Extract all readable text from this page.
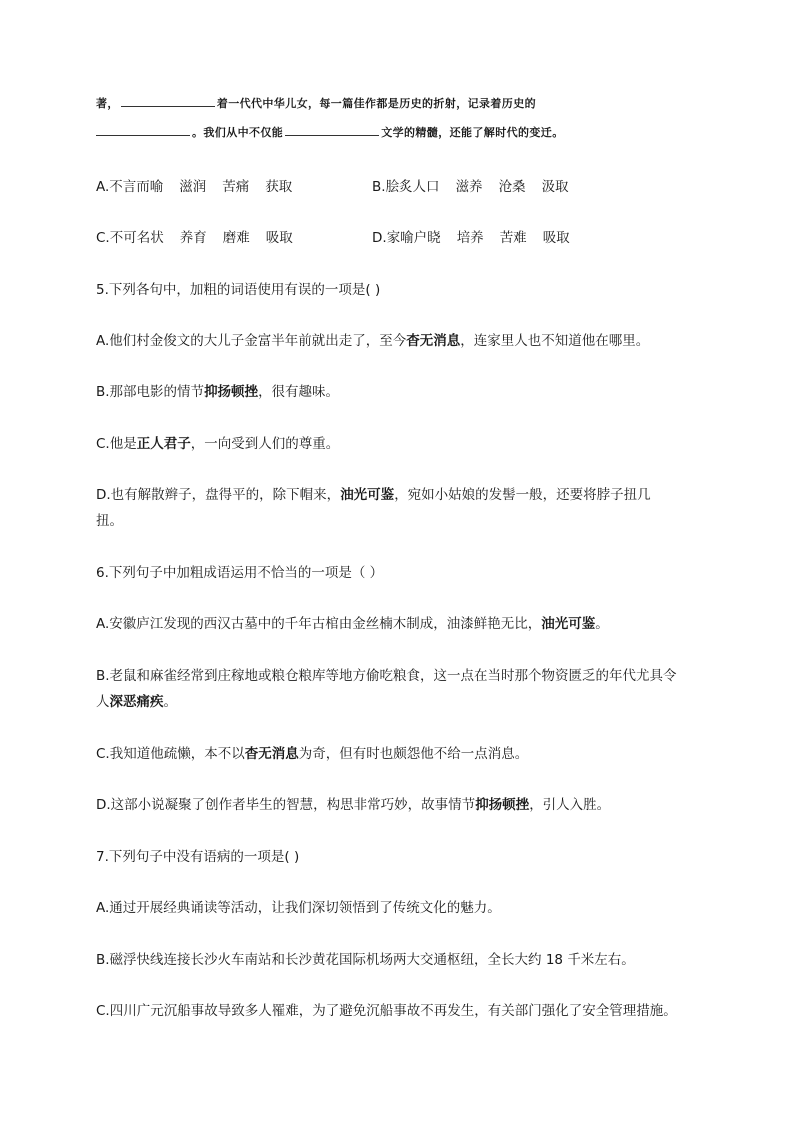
著，	着一代代中华儿女，每一篇佳作都是历史的折射，记录着历史的
。我们从中不仅能	文学的精髓，还能了解时代的变迁。
A.不言而喻 滋润 苦痛 获取	B.脍炙人口 滋养 沧桑 汲取
C.不可名状 养育 磨难 吸取	D.家喻户晓 培养 苦难 吸取
5.下列各句中，加粗的词语使用有误的一项是( )
A.他们村金俊文的大儿子金富半年前就出走了，至今杳无消息，连家里人也不知道他在哪里。
B.那部电影的情节抑扬顿挫，很有趣味。
C.他是正人君子，一向受到人们的尊重。
D.也有解散辫子，盘得平的，除下帽来，油光可鉴，宛如小姑娘的发髻一般，还要将脖子扭几
扭。
6.下列句子中加粗成语运用不恰当的一项是（ ）
A.安徽庐江发现的西汉古墓中的千年古棺由金丝楠木制成，油漆鲜艳无比，油光可鉴。
B.老鼠和麻雀经常到庄稼地或粮仓粮库等地方偷吃粮食，这一点在当时那个物资匮乏的年代尤具令
人深恶痛疾。
C.我知道他疏懒，本不以杳无消息为奇，但有时也颇怨他不给一点消息。
D.这部小说凝聚了创作者毕生的智慧，构思非常巧妙，故事情节抑扬顿挫，引人入胜。
7.下列句子中没有语病的一项是( )
A.通过开展经典诵读等活动，让我们深切领悟到了传统文化的魅力。
B.磁浮快线连接长沙火车南站和长沙黄花国际机场两大交通枢纽，全长大约 18 千米左右。
C.四川广元沉船事故导致多人罹难，为了避免沉船事故不再发生，有关部门强化了安全管理措施。
